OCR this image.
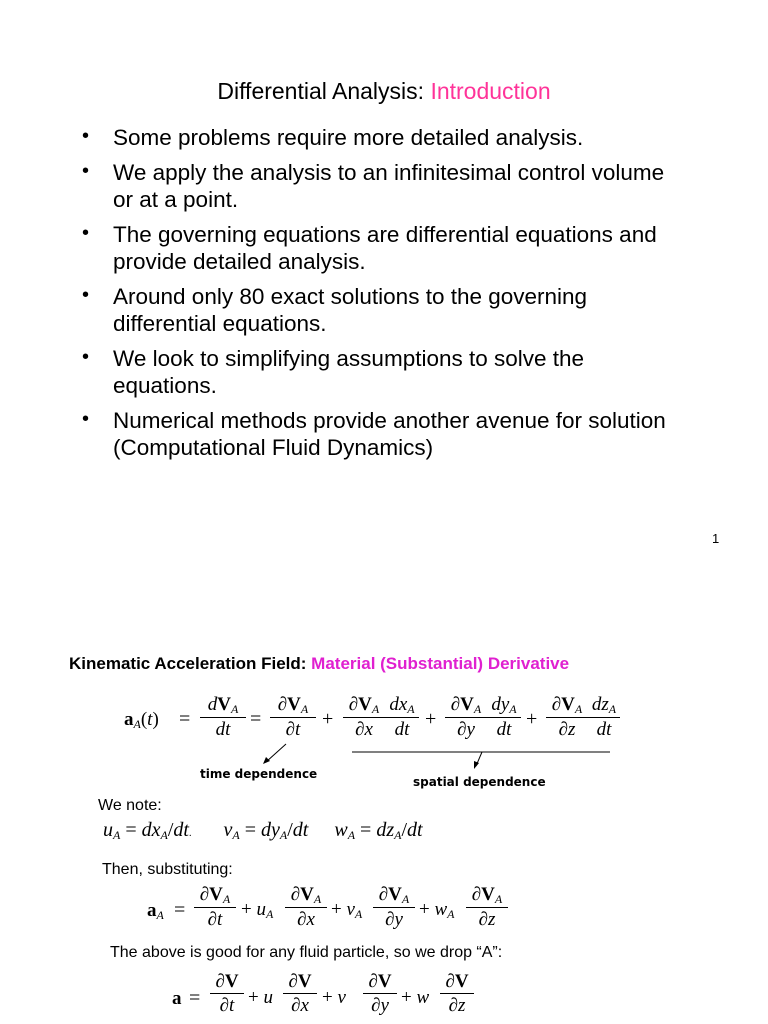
Differential Analysis: Introduction
• Some problems require more detailed analysis.
• We apply the analysis to an infinitesimal control volume or at a point.
• The governing equations are differential equations and provide detailed analysis.
• Around only 80 exact solutions to the governing differential equations.
• We look to simplifying assumptions to solve the equations.
• Numerical methods provide another avenue for solution (Computational Fluid Dynamics)
1
Kinematic Acceleration Field: Material (Substantial) Derivative
$a_A(t)$ =
$dV_A$
dt =
$\partial V_A$
∂t	+
$\partial V_A$
∂x
$dx_A$
dt +
$\partial V_A$
∂y
$dy_A$
dt +
$\partial V_A$
∂z
$dz_A$
dt
time dependence
spatial dependence
We note:
$u_A = dx_A/dt$. $v_A = dy_A/dt$ $w_A = dz_A/dt$
Then, substituting:
$a_A$ =
$\partial V_A$
$\partial t + u_A$
$\partial V_A$
$\partial x + v_A$
$\partial V_A$
$\partial y + w_A$
$\partial V_A$
∂z
The above is good for any fluid particle, so we drop “A”:
a =
∂V
∂t + u
∂V
∂x + v
∂V
∂y + w
∂V
∂z
